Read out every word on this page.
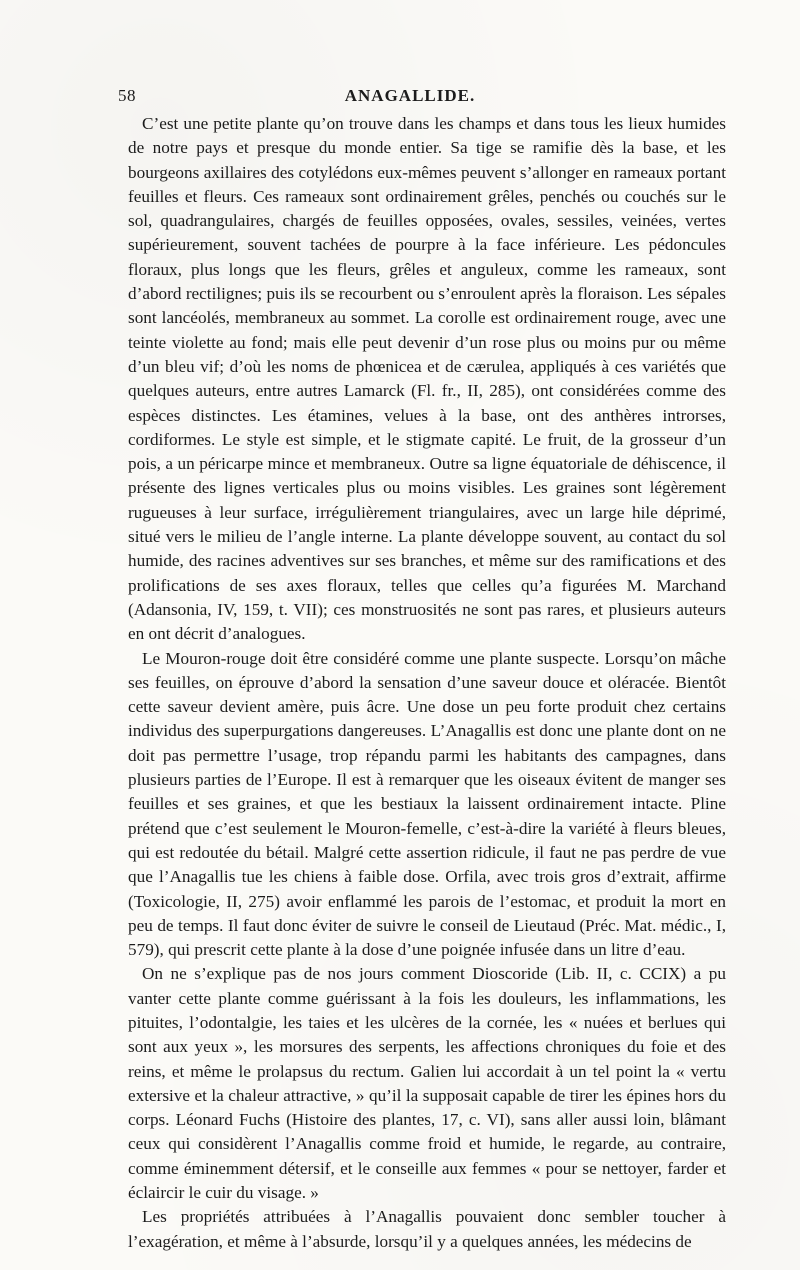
58	ANAGALLIDE.

C’est une petite plante qu’on trouve dans les champs et dans tous les lieux humides de notre pays et presque du monde entier. Sa tige se ramifie dès la base, et les bourgeons axillaires des cotylédons eux-mêmes peuvent s’allonger en rameaux portant feuilles et fleurs. Ces rameaux sont ordinairement grêles, penchés ou couchés sur le sol, quadrangulaires, chargés de feuilles opposées, ovales, sessiles, veinées, vertes supérieurement, souvent tachées de pourpre à la face inférieure. Les pédoncules floraux, plus longs que les fleurs, grêles et anguleux, comme les rameaux, sont d’abord rectilignes; puis ils se recourbent ou s’enroulent après la floraison. Les sépales sont lancéolés, membraneux au sommet. La corolle est ordinairement rouge, avec une teinte violette au fond; mais elle peut devenir d’un rose plus ou moins pur ou même d’un bleu vif; d’où les noms de phœnicea et de cærulea, appliqués à ces variétés que quelques auteurs, entre autres Lamarck (Fl. fr., II, 285), ont considérées comme des espèces distinctes. Les étamines, velues à la base, ont des anthères introrses, cordiformes. Le style est simple, et le stigmate capité. Le fruit, de la grosseur d’un pois, a un péricarpe mince et membraneux. Outre sa ligne équatoriale de déhiscence, il présente des lignes verticales plus ou moins visibles. Les graines sont légèrement rugueuses à leur surface, irrégulièrement triangulaires, avec un large hile déprimé, situé vers le milieu de l’angle interne. La plante développe souvent, au contact du sol humide, des racines adventives sur ses branches, et même sur des ramifications et des prolifications de ses axes floraux, telles que celles qu’a figurées M. Marchand (Adansonia, IV, 159, t. VII); ces monstruosités ne sont pas rares, et plusieurs auteurs en ont décrit d’analogues.

Le Mouron-rouge doit être considéré comme une plante suspecte. Lorsqu’on mâche ses feuilles, on éprouve d’abord la sensation d’une saveur douce et oléracée. Bientôt cette saveur devient amère, puis âcre. Une dose un peu forte produit chez certains individus des superpurgations dangereuses. L’Anagallis est donc une plante dont on ne doit pas permettre l’usage, trop répandu parmi les habitants des campagnes, dans plusieurs parties de l’Europe. Il est à remarquer que les oiseaux évitent de manger ses feuilles et ses graines, et que les bestiaux la laissent ordinairement intacte. Pline prétend que c’est seulement le Mouron-femelle, c’est-à-dire la variété à fleurs bleues, qui est redoutée du bétail. Malgré cette assertion ridicule, il faut ne pas perdre de vue que l’Anagallis tue les chiens à faible dose. Orfila, avec trois gros d’extrait, affirme (Toxicologie, II, 275) avoir enflammé les parois de l’estomac, et produit la mort en peu de temps. Il faut donc éviter de suivre le conseil de Lieutaud (Préc. Mat. médic., I, 579), qui prescrit cette plante à la dose d’une poignée infusée dans un litre d’eau.

On ne s’explique pas de nos jours comment Dioscoride (Lib. II, c. CCIX) a pu vanter cette plante comme guérissant à la fois les douleurs, les inflammations, les pituites, l’odontalgie, les taies et les ulcères de la cornée, les « nuées et berlues qui sont aux yeux », les morsures des serpents, les affections chroniques du foie et des reins, et même le prolapsus du rectum. Galien lui accordait à un tel point la « vertu extersive et la chaleur attractive, » qu’il la supposait capable de tirer les épines hors du corps. Léonard Fuchs (Histoire des plantes, 17, c. VI), sans aller aussi loin, blâmant ceux qui considèrent l’Anagallis comme froid et humide, le regarde, au contraire, comme éminemment détersif, et le conseille aux femmes « pour se nettoyer, farder et éclaircir le cuir du visage. »

Les propriétés attribuées à l’Anagallis pouvaient donc sembler toucher à l’exagération, et même à l’absurde, lorsqu’il y a quelques années, les médecins de
